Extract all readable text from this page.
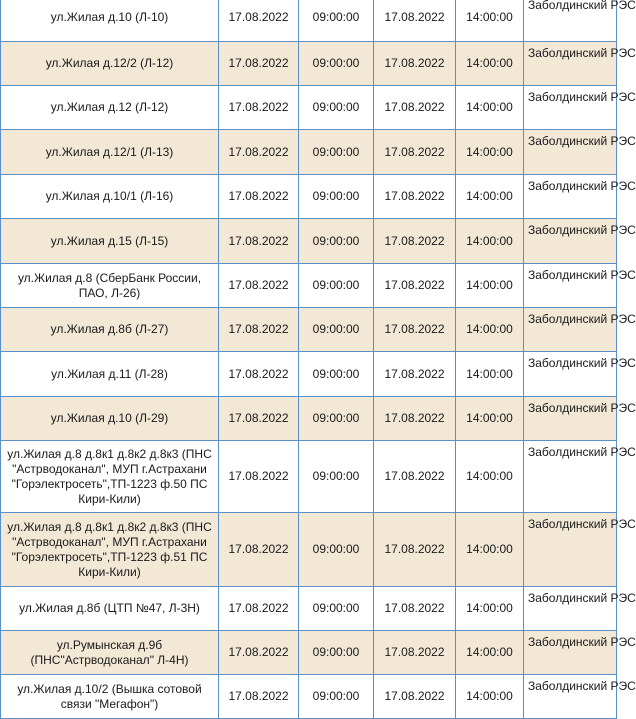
ул.Жилая д.10 (Л-10)	17.08.2022	09:00:00	17.08.2022	14:00:00	Заболдинский РЭС
ул.Жилая д.12/2 (Л-12)	17.08.2022	09:00:00	17.08.2022	14:00:00	Заболдинский РЭС
ул.Жилая д.12 (Л-12)	17.08.2022	09:00:00	17.08.2022	14:00:00	Заболдинский РЭС
ул.Жилая д.12/1 (Л-13)	17.08.2022	09:00:00	17.08.2022	14:00:00	Заболдинский РЭС
ул.Жилая д.10/1 (Л-16)	17.08.2022	09:00:00	17.08.2022	14:00:00	Заболдинский РЭС
ул.Жилая д.15 (Л-15)	17.08.2022	09:00:00	17.08.2022	14:00:00	Заболдинский РЭС
ул.Жилая д.8 (СберБанк России, ПАО, Л-26)	17.08.2022	09:00:00	17.08.2022	14:00:00	Заболдинский РЭС
ул.Жилая д.8б (Л-27)	17.08.2022	09:00:00	17.08.2022	14:00:00	Заболдинский РЭС
ул.Жилая д.11 (Л-28)	17.08.2022	09:00:00	17.08.2022	14:00:00	Заболдинский РЭС
ул.Жилая д.10 (Л-29)	17.08.2022	09:00:00	17.08.2022	14:00:00	Заболдинский РЭС
ул.Жилая д.8 д.8к1 д.8к2 д.8к3 (ПНС "Астрводоканал", МУП г.Астрахани "Горэлектросеть",ТП-1223 ф.50 ПС Кири-Кили)	17.08.2022	09:00:00	17.08.2022	14:00:00	Заболдинский РЭС
ул.Жилая д.8 д.8к1 д.8к2 д.8к3 (ПНС "Астрводоканал", МУП г.Астрахани "Горэлектросеть",ТП-1223 ф.51 ПС Кири-Кили)	17.08.2022	09:00:00	17.08.2022	14:00:00	Заболдинский РЭС
ул.Жилая д.8б (ЦТП №47, Л-3Н)	17.08.2022	09:00:00	17.08.2022	14:00:00	Заболдинский РЭС
ул.Румынская д.9б (ПНС"Астрводоканал" Л-4Н)	17.08.2022	09:00:00	17.08.2022	14:00:00	Заболдинский РЭС
ул.Жилая д.10/2 (Вышка сотовой связи "Мегафон")	17.08.2022	09:00:00	17.08.2022	14:00:00	Заболдинский РЭС
